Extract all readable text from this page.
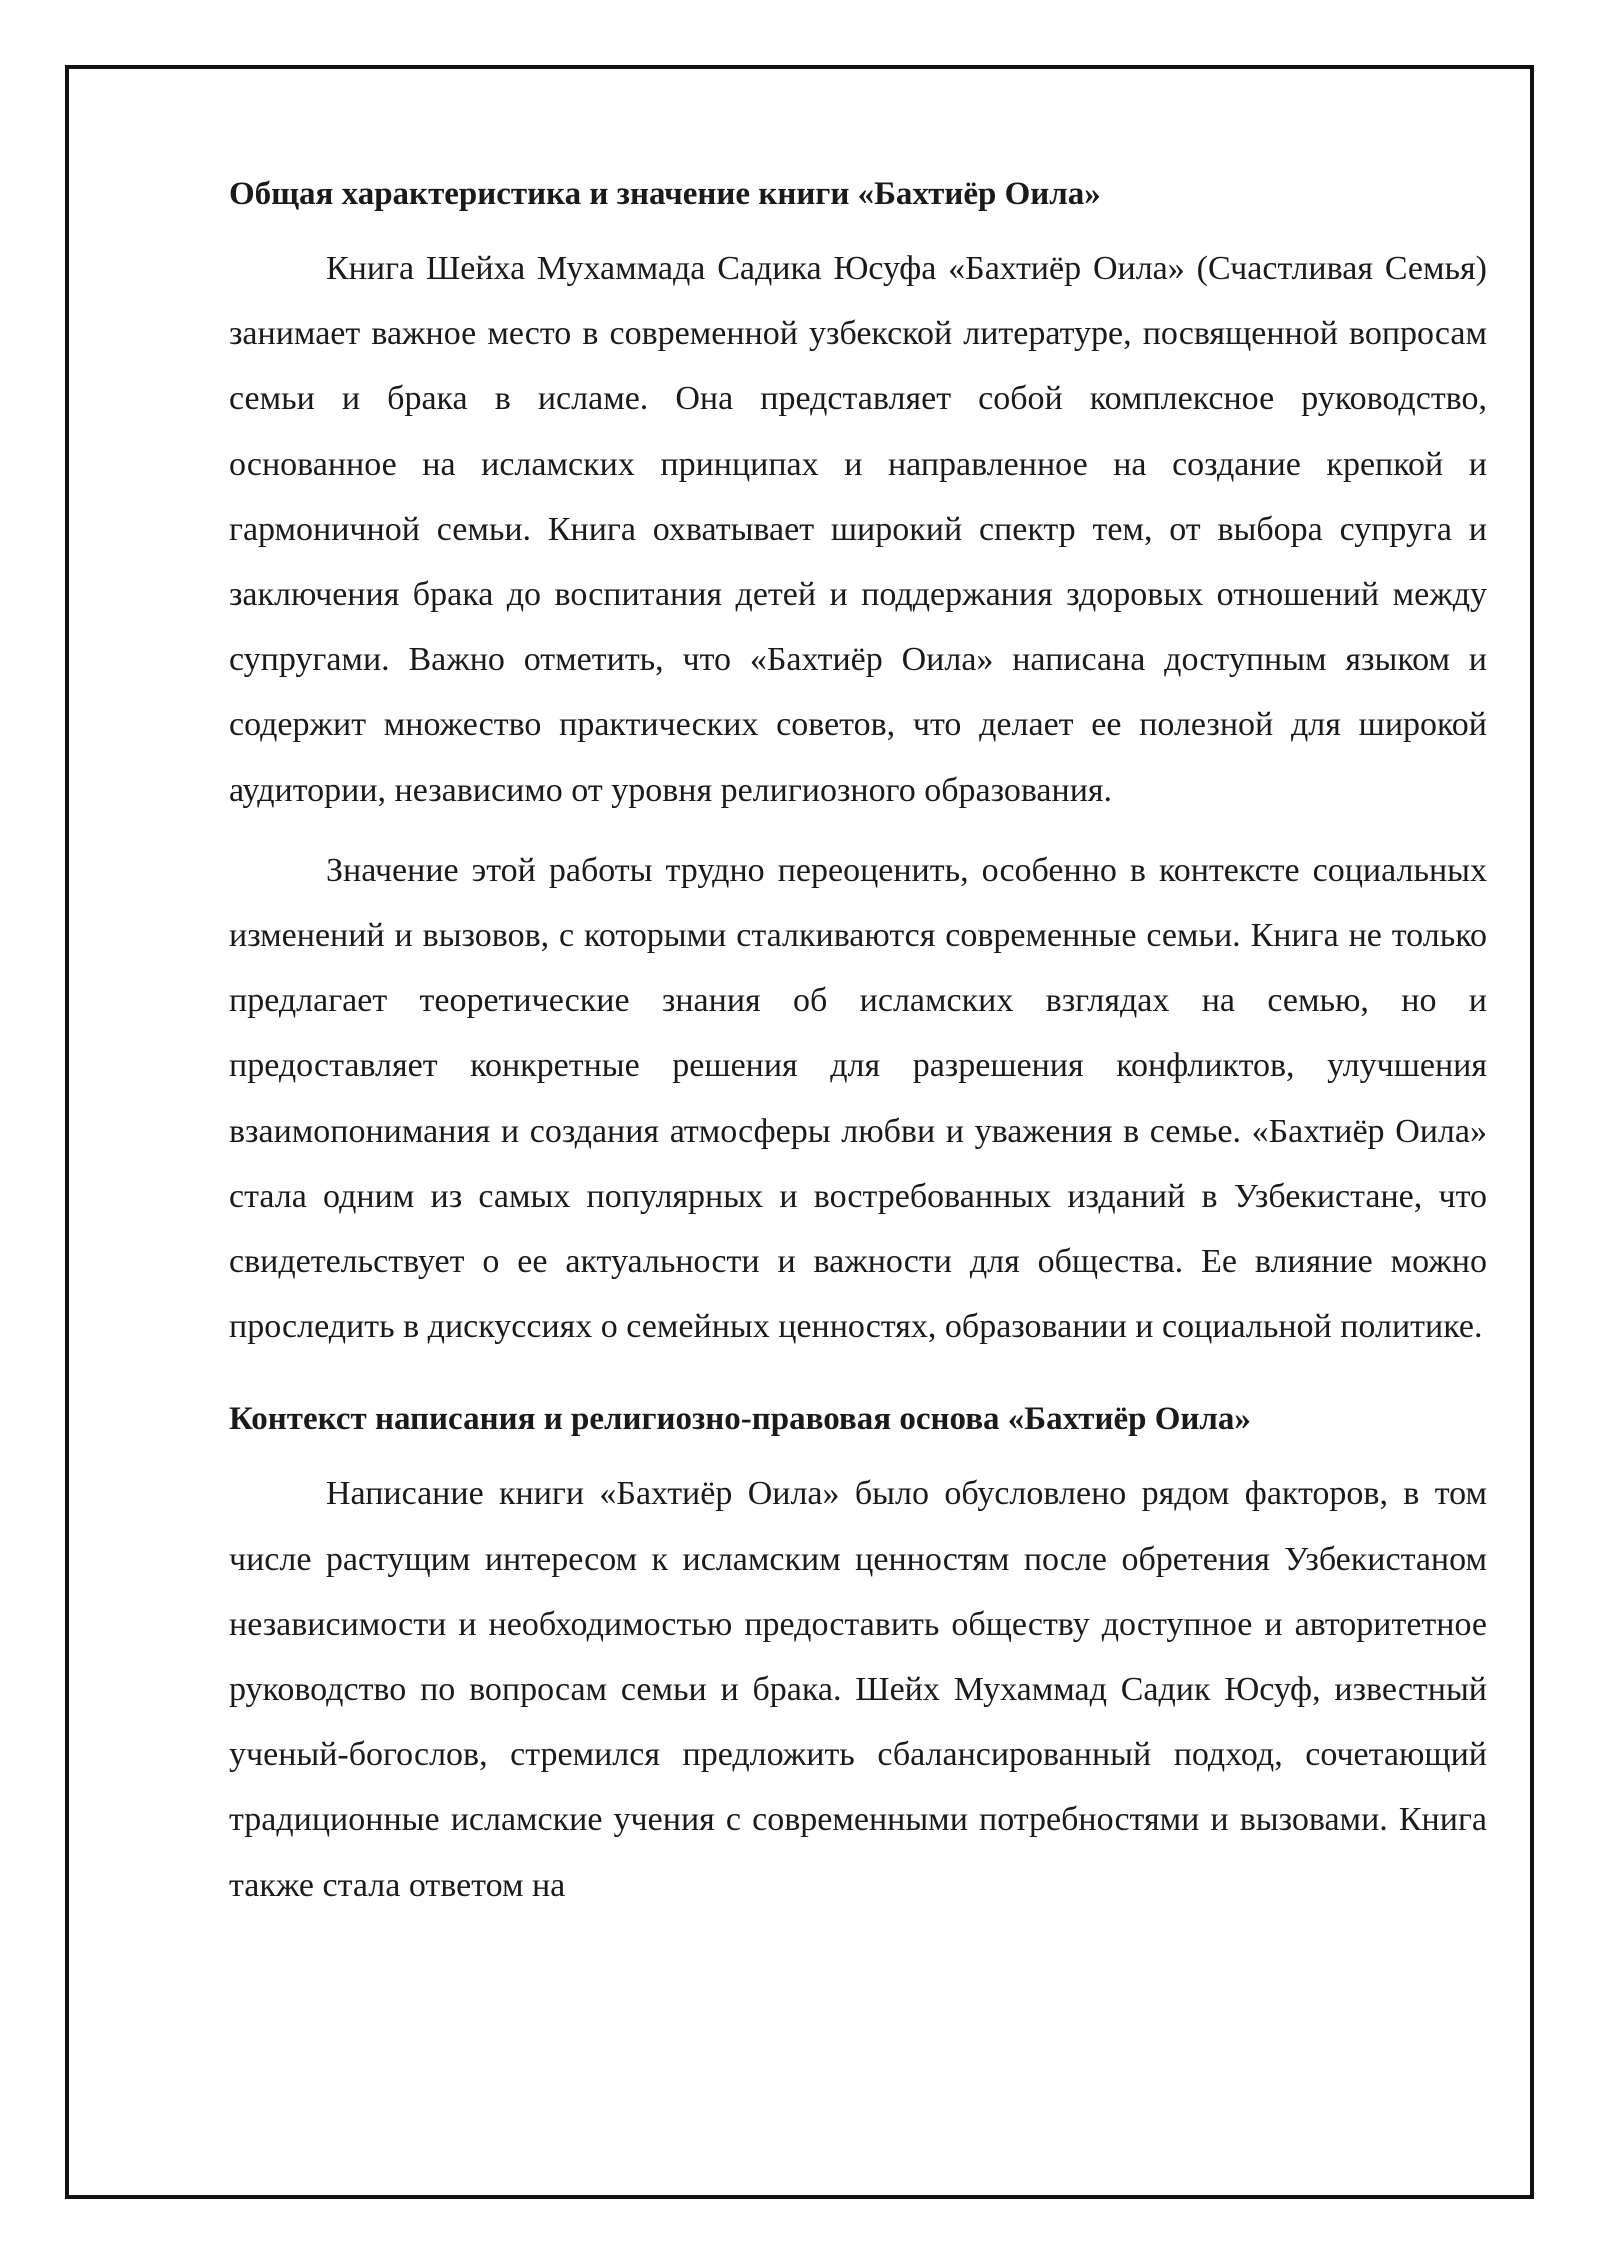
Общая характеристика и значение книги «Бахтиёр Оила»

Книга Шейха Мухаммада Садика Юсуфа «Бахтиёр Оила» (Счастливая Семья) занимает важное место в современной узбекской литературе, посвященной вопросам семьи и брака в исламе. Она представляет собой комплексное руководство, основанное на исламских принципах и направленное на создание крепкой и гармоничной семьи. Книга охватывает широкий спектр тем, от выбора супруга и заключения брака до воспитания детей и поддержания здоровых отношений между супругами. Важно отметить, что «Бахтиёр Оила» написана доступным языком и содержит множество практических советов, что делает ее полезной для широкой аудитории, независимо от уровня религиозного образования.

Значение этой работы трудно переоценить, особенно в контексте социальных изменений и вызовов, с которыми сталкиваются современные семьи. Книга не только предлагает теоретические знания об исламских взглядах на семью, но и предоставляет конкретные решения для разрешения конфликтов, улучшения взаимопонимания и создания атмосферы любви и уважения в семье. «Бахтиёр Оила» стала одним из самых популярных и востребованных изданий в Узбекистане, что свидетельствует о ее актуальности и важности для общества. Ее влияние можно проследить в дискуссиях о семейных ценностях, образовании и социальной политике.

Контекст написания и религиозно-правовая основа «Бахтиёр Оила»

Написание книги «Бахтиёр Оила» было обусловлено рядом факторов, в том числе растущим интересом к исламским ценностям после обретения Узбекистаном независимости и необходимостью предоставить обществу доступное и авторитетное руководство по вопросам семьи и брака. Шейх Мухаммад Садик Юсуф, известный ученый-богослов, стремился предложить сбалансированный подход, сочетающий традиционные исламские учения с современными потребностями и вызовами. Книга также стала ответом на
